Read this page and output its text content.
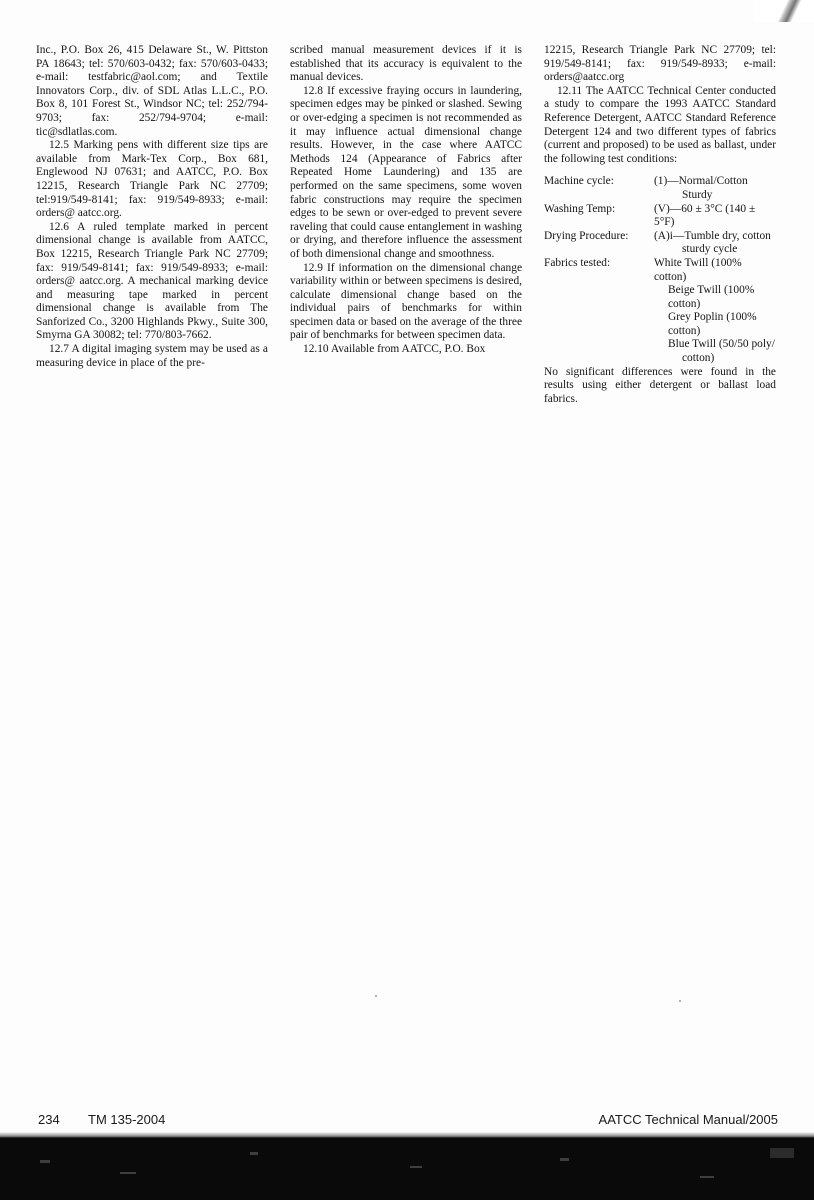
Inc., P.O. Box 26, 415 Delaware St., W. Pittston PA 18643; tel: 570/603-0432; fax: 570/603-0433; e-mail: testfabric@aol.com; and Textile Innovators Corp., div. of SDL Atlas L.L.C., P.O. Box 8, 101 Forest St., Windsor NC; tel: 252/794-9703; fax: 252/794-9704; e-mail: tic@sdlatlas.com.

12.5 Marking pens with different size tips are available from Mark-Tex Corp., Box 681, Englewood NJ 07631; and AATCC, P.O. Box 12215, Research Triangle Park NC 27709; tel:919/549-8141; fax: 919/549-8933; e-mail: orders@ aatcc.org.

12.6 A ruled template marked in percent dimensional change is available from AATCC, Box 12215, Research Triangle Park NC 27709; fax: 919/549-8141; fax: 919/549-8933; e-mail: orders@ aatcc.org. A mechanical marking device and measuring tape marked in percent dimensional change is available from The Sanforized Co., 3200 Highlands Pkwy., Suite 300, Smyrna GA 30082; tel: 770/803-7662.

12.7 A digital imaging system may be used as a measuring device in place of the pre-

scribed manual measurement devices if it is established that its accuracy is equivalent to the manual devices.

12.8 If excessive fraying occurs in laundering, specimen edges may be pinked or slashed. Sewing or over-edging a specimen is not recommended as it may influence actual dimensional change results. However, in the case where AATCC Methods 124 (Appearance of Fabrics after Repeated Home Laundering) and 135 are performed on the same specimens, some woven fabric constructions may require the specimen edges to be sewn or over-edged to prevent severe raveling that could cause entanglement in washing or drying, and therefore influence the assessment of both dimensional change and smoothness.

12.9 If information on the dimensional change variability within or between specimens is desired, calculate dimensional change based on the individual pairs of benchmarks for within specimen data or based on the average of the three pair of benchmarks for between specimen data.

12.10 Available from AATCC, P.O. Box

12215, Research Triangle Park NC 27709; tel: 919/549-8141; fax: 919/549-8933; e-mail: orders@aatcc.org

12.11 The AATCC Technical Center conducted a study to compare the 1993 AATCC Standard Reference Detergent, AATCC Standard Reference Detergent 124 and two different types of fabrics (current and proposed) to be used as ballast, under the following test conditions:

Machine cycle:	(1)—Normal/Cotton
Sturdy

Washing Temp:	(V)—60 ± 3°C (140 ± 5°F)
Drying Procedure:	(A)i—Tumble dry, cotton
sturdy cycle

Fabrics tested:	White Twill (100% cotton)
Beige Twill (100% cotton)
Grey Poplin (100% cotton)
Blue Twill (50/50 poly/
cotton)

No significant differences were found in the results using either detergent or ballast load fabrics.

234 TM 135-2004	AATCC Technical Manual/2005
